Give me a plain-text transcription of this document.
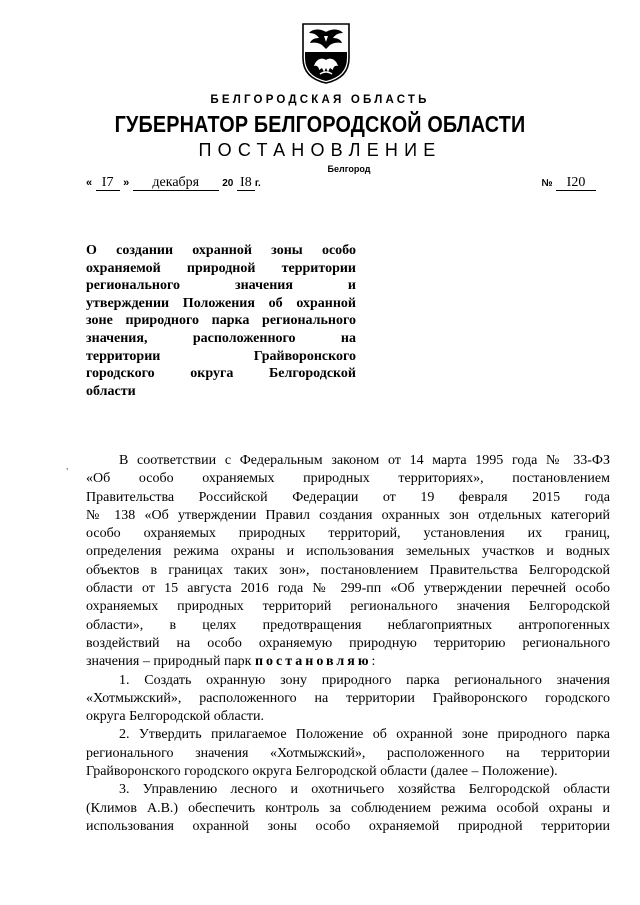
БЕЛГОРОДСКАЯ ОБЛАСТЬ
ГУБЕРНАТОР БЕЛГОРОДСКОЙ ОБЛАСТИ
ПОСТАНОВЛЕНИЕ
Белгород
« I7 » декабря 20 I8 г.	№ I20
О создании охранной зоны особо
охраняемой природной территории
регионального значения и
утверждении Положения об охранной
зоне природного парка регионального
значения, расположенного на
территории Грайворонского
городского округа Белгородской
области
‚	В соответствии с Федеральным законом от 14 марта 1995 года № 33-ФЗ
«Об особо охраняемых природных территориях», постановлением
Правительства Российской Федерации от 19 февраля 2015 года
№ 138 «Об утверждении Правил создания охранных зон отдельных категорий
особо охраняемых природных территорий, установления их границ,
определения режима охраны и использования земельных участков и водных
объектов в границах таких зон», постановлением Правительства Белгородской
области от 15 августа 2016 года № 299-пп «Об утверждении перечней особо
охраняемых природных территорий регионального значения Белгородской
области», в целях предотвращения неблагоприятных антропогенных
воздействий на особо охраняемую природную территорию регионального
значения – природный парк постановляю:
1. Создать охранную зону природного парка регионального значения
«Хотмыжский», расположенного на территории Грайворонского городского
округа Белгородской области.
2. Утвердить прилагаемое Положение об охранной зоне природного парка
регионального значения «Хотмыжский», расположенного на территории
Грайворонского городского округа Белгородской области (далее – Положение).
3. Управлению лесного и охотничьего хозяйства Белгородской области
(Климов А.В.) обеспечить контроль за соблюдением режима особой охраны и
использования охранной зоны особо охраняемой природной территории
